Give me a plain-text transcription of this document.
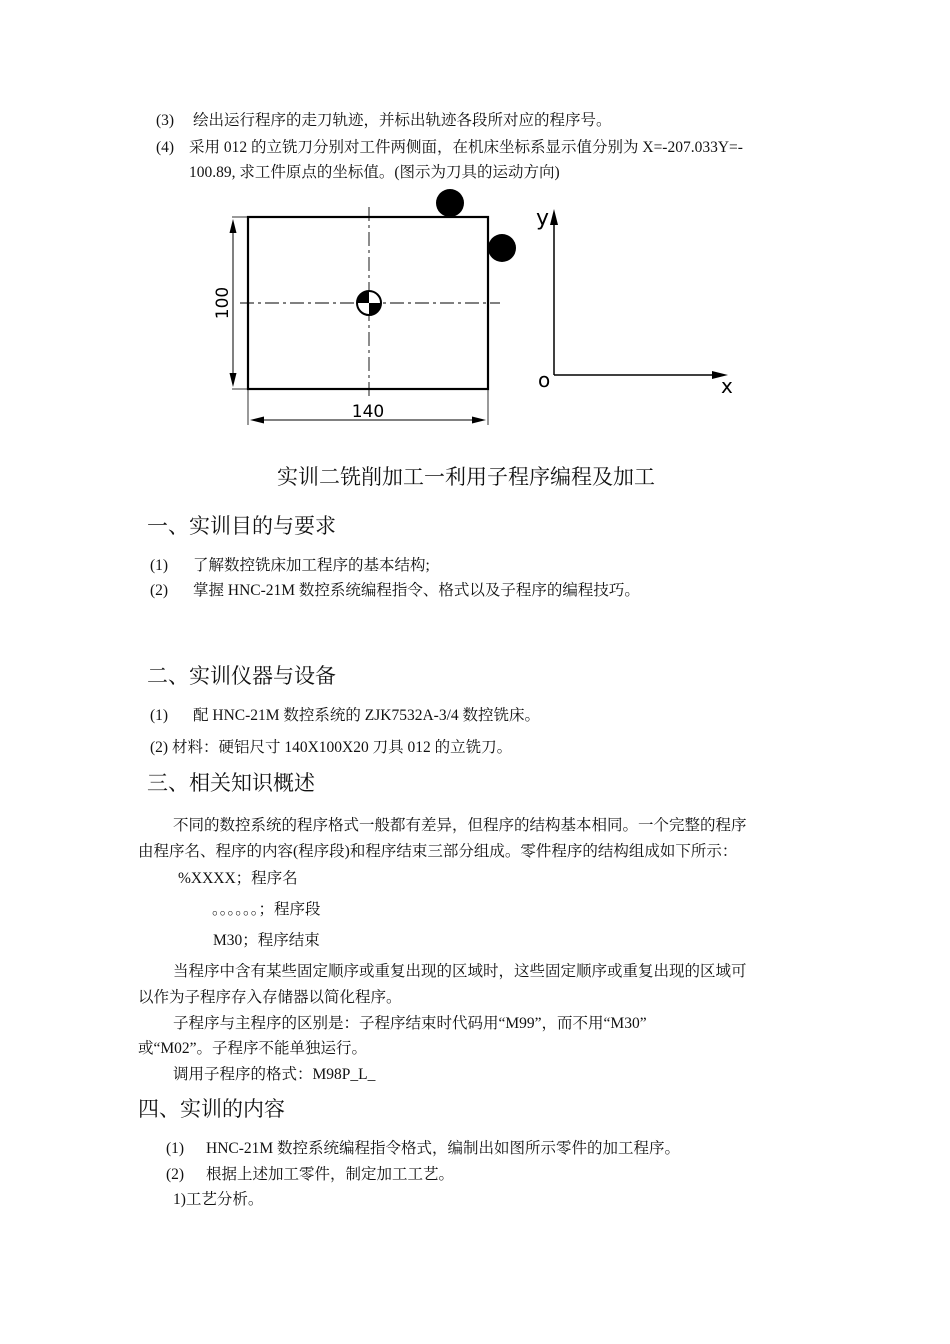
(3) 绘出运行程序的走刀轨迹，并标出轨迹各段所对应的程序号。
(4) 采用 012 的立铣刀分别对工件两侧面，在机床坐标系显示值分别为 X=-207.033Y=-
100.89, 求工件原点的坐标值。(图示为刀具的运动方向)
100
140
y
x
o
实训二铣削加工一利用子程序编程及加工
一、实训目的与要求
(1) 了解数控铣床加工程序的基本结构;
(2) 掌握 HNC-21M 数控系统编程指令、格式以及子程序的编程技巧。
二、实训仪器与设备
(1) 配 HNC-21M 数控系统的 ZJK7532A-3/4 数控铣床。
(2) 材料：硬铝尺寸 140X100X20 刀具 012 的立铣刀。
三、相关知识概述
不同的数控系统的程序格式一般都有差异，但程序的结构基本相同。一个完整的程序
由程序名、程序的内容(程序段)和程序结束三部分组成。零件程序的结构组成如下所示：
%XXXX；程序名
。。。。。。；程序段
M30；程序结束
当程序中含有某些固定顺序或重复出现的区域时，这些固定顺序或重复出现的区域可
以作为子程序存入存储器以简化程序。
子程序与主程序的区别是：子程序结束时代码用“M99”，而不用“M30”
或“M02”。子程序不能单独运行。
调用子程序的格式：M98P_L_
四、实训的内容
(1) HNC-21M 数控系统编程指令格式，编制出如图所示零件的加工程序。
(2) 根据上述加工零件，制定加工工艺。
1)工艺分析。
